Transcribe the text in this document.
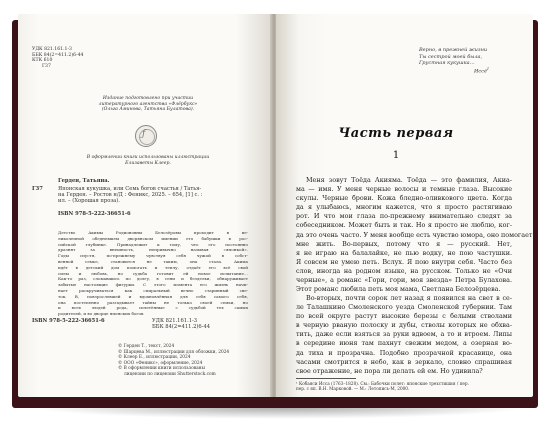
УДК 821.161.1-3
ББК 84(2=411.2)6-44
КТК 610
Г37
Издание подготовлено при участии
литературного агентства «Флёрбукс»
(Ольга Аминова, Татьяна Булатова).
ƒ
В оформлении книги использованы иллюстрации
Елизаветы Клеер.
Герден, Татьяна.
Г37	Японская кукушка, или Семь богов счастья / Татья-
на Герден. – Ростов н/Д : Феникс, 2025. – 654, [1] с. :
ил. – (Хорошая проза).
ISBN 978-5-222-36651-6
Детство Акимы Родионовны Белозёровы проходит в ве-
ликолепной обедневшем дворянском имении его бабушки в рос-
сийской глубинке. Принадлежит к тому, что его постоянно
дразнят за внешность, непривычно называя «японкой».
Годы спустя, по-прежнему чувствуя себя чужой в собст-
венной семье, становится не таким, она стала. Акима
идёт в детский дом помогать и теплу, отдаёт его всё свой
силы и любовь, но судьба готовит ей новое испытание…
Как-то раз, сломавшись по долгу, в сени и бездельи, обнаруживает
забытые настоящие фигурки. С этого момента его жизнь начи-
нает раскручиваться как спиральный вечно старинный све-
ток. В, повзрослевшей и вдохновлённая для себя самого себя,
она постепенно разгадывает тайны не только своей семьи, но
и всех людей рода, сплетённые с судьбой тех самых
родителей, и во дворце японских богов.
ISBN 978-5-222-36651-6	УДК 821.161.1-3
ББК 84(2=411.2)6-44
© Герден Т., текст, 2024
© Шарцева М., иллюстрации для обложки, 2024
© Клеер Е., иллюстрации, 2024
© ООО «Феникс», оформление, 2024
© В оформлении книги использованы
лицензии по лицензии Shutterstock.com
Верно, в прежней жизни
Ты сестрой моей была,
Грустная кукушка…
Иссё$^1$
Часть первая
1
Меня зовут Тоёда Акияма. Тоёда — это фамилия, Акиа-
ма — имя. У меня черные волосы и темные глаза. Высокие
скулы. Черные брови. Кожа бледно-оливкового цвета. Когда
да я улыбаюсь, многим кажется, что я просто растягиваю
рот. И что мои глаза по-прежнему внимательно следят за
собеседником. Может быть и так. Но я просто не люблю, ког-
да это очень часто. У меня вообще есть чувство юмора, оно помогает
мне жить. Во-первых, потому что я — русский. Нет,
я не играю на балалайке, не пью водку, не пою частушки.
Я совсем не умею петь. Вслух. Я пою внутри себя. Часто без
слов, иногда на родном языке, на русском. Только не «Очи
черные», а романс «Гори, гори, моя звезда» Петра Булахова.
Этот романс любила петь моя мама, Светлана Белозёрцева.
Во-вторых, почти сорок лет назад я появился на свет в се-
ле Талашкино Смоленского уезда Смоленской губернии. Там
по всей округе растут высокие березы с белыми стволами
в черную рваную полоску и дубы, стволы которых не обхва-
тить, даже если взяться за руки вдвоем, а то и втроем. Липы
в середине июня там пахнут свежим медом, а озерная во-
да тиха и прозрачна. Подобно прозрачной красавице, она
часами смотрится в небо, как в зеркало, словно спрашивая
свое отражение, не пора ли делать ей ем. Но удивила?
¹ Кобаяси Исса (1763–1828). См.: Бабочки полет: японские трехстишия / пер.
пер. с яп. В.Н. Марковой. — М.: Летопись-М, 2000.
